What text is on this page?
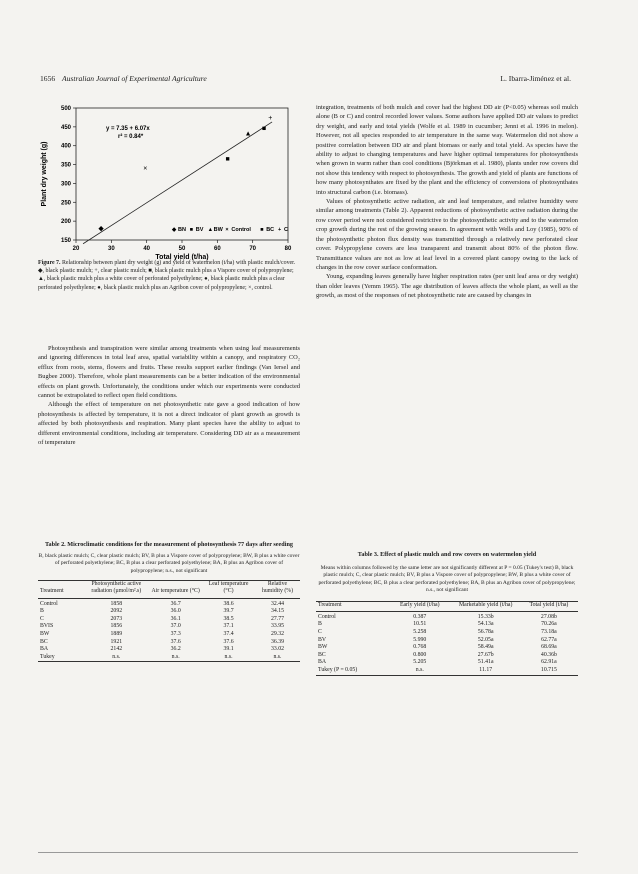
1656 Australian Journal of Experimental Agriculture	L. Ibarra-Jiménez et al.
20	30	40	50	60	70	80
150
200
250
300
350
400
450
500
Total yield (t/ha)
Plant dry weight (g)
y = 7.35 + 6.07x
r² = 0.84*
◆
■
▲
×
■
+
◆ BN ■ BV ▲ BW × Control ■ BC + C
Figure 7. Relationship between plant dry weight (g) and yield of watermelon (t/ha) with plastic mulch/cover. ◆, black plastic mulch; +, clear plastic mulch; ■, black plastic mulch plus a Vispore cover of polypropylene; ▲, black plastic mulch plus a white cover of perforated polyethylene; ●, black plastic mulch plus a clear perforated polyethylene; ●, black plastic mulch plus an Agribon cover of polypropylene; ×, control.

Photosynthesis and transpiration were similar among treatments when using leaf measurements and ignoring differences in total leaf area, spatial variability within a canopy, and respiratory CO₂ efflux from roots, stems, flowers and fruits. These results support earlier findings (Van Iersel and Bugbee 2000). Therefore, whole plant measurements can be a better indication of the environmental effects on plant growth. Unfortunately, the conditions under which our experiments were conducted cannot be extrapolated to reflect open field conditions.

Although the effect of temperature on net photosynthetic rate gave a good indication of how photosynthesis is affected by temperature, it is not a direct indicator of plant growth as growth is affected by both photosynthesis and respiration. Many plant species have the ability to adjust to different environmental conditions, including air temperature. Considering DD air as a measurement of temperature

Table 2. Microclimatic conditions for the measurement of photosynthesis 77 days after seeding
B, black plastic mulch; C, clear plastic mulch; BV, B plus a Vispore cover of polypropylene; BW, B plus a white cover of perforated polyethylene; BC, B plus a clear perforated polyethylene; BA, B plus an Agribon cover of polypropylene; n.s., not significant
Treatment	Photosynthetic active radiation (µmol/m².s)	Air temperature (°C)	Leaf temperature (°C)	Relative humidity (%)
Control	1858	36.7	38.6	32.44
B	2092	36.0	39.7	34.15
C	2073	36.1	38.5	27.77
BVIS	1856	37.0	37.1	33.95
BW	1889	37.3	37.4	29.32
BC	1921	37.6	37.6	36.39
BA	2142	36.2	39.1	33.02
Tukey	n.s.	n.s.	n.s.	n.s.

integration, treatments of both mulch and cover had the highest DD air (P<0.05) whereas soil mulch alone (B or C) and control recorded lower values. Some authors have applied DD air values to predict dry weight, and early and total yields (Wolfe et al. 1989 in cucumber; Jenni et al. 1996 in melon). However, not all species responded to air temperature in the same way. Watermelon did not show a positive correlation between DD air and plant biomass or early and total yield. As species have the ability to adjust to changing temperatures and have higher optimal temperatures for photosynthesis when grown in warm rather than cool conditions (Björkman et al. 1980), plants under row covers did not show this tendency with respect to photosynthesis. The growth and yield of plants are functions of how many photosynthates are fixed by the plant and the efficiency of conversions of photosynthates into structural carbon (i.e. biomass).

Values of photosynthetic active radiation, air and leaf temperature, and relative humidity were similar among treatments (Table 2). Apparent reductions of photosynthetic active radiation during the row cover period were not considered restrictive to the photosynthetic activity and to the watermelon crop growth during the rest of the growing season. In agreement with Wells and Loy (1985), 90% of the photosynthetic photon flux density was transmitted through a relatively new perforated clear cover. Polypropylene covers are less transparent and transmit about 80% of the photon flow. Transmittance values are not as low at leaf level in a covered plant canopy owing to the lack of changes in the row cover surface conformation.

Young, expanding leaves generally have higher respiration rates (per unit leaf area or dry weight) than older leaves (Yemm 1965). The age distribution of leaves affects the whole plant, as well as the growth, as most of the responses of net photosynthetic rate are caused by changes in

Table 3. Effect of plastic mulch and row covers on watermelon yield
Means within columns followed by the same letter are not significantly different at P = 0.05 (Tukey's test) B, black plastic mulch; C, clear plastic mulch; BV, B plus a Vispore cover of polypropylene; BW, B plus a white cover of perforated polyethylene; BC, B plus a clear perforated polyethylene; BA, B plus an Agribon cover of polypropylene; n.s., not significant
Treatment	Early yield (t/ha)	Marketable yield (t/ha)	Total yield (t/ha)
Control	0.387	15.33b	27.08b
B	10.51	54.13a	70.26a
C	5.258	56.78a	73.18a
BV	5.990	52.05a	62.77a
BW	0.768	58.49a	68.69a
BC	0.800	27.67b	40.36b
BA	5.205	51.41a	62.91a
Tukey (P = 0.05)	n.s.	11.17	10.715
